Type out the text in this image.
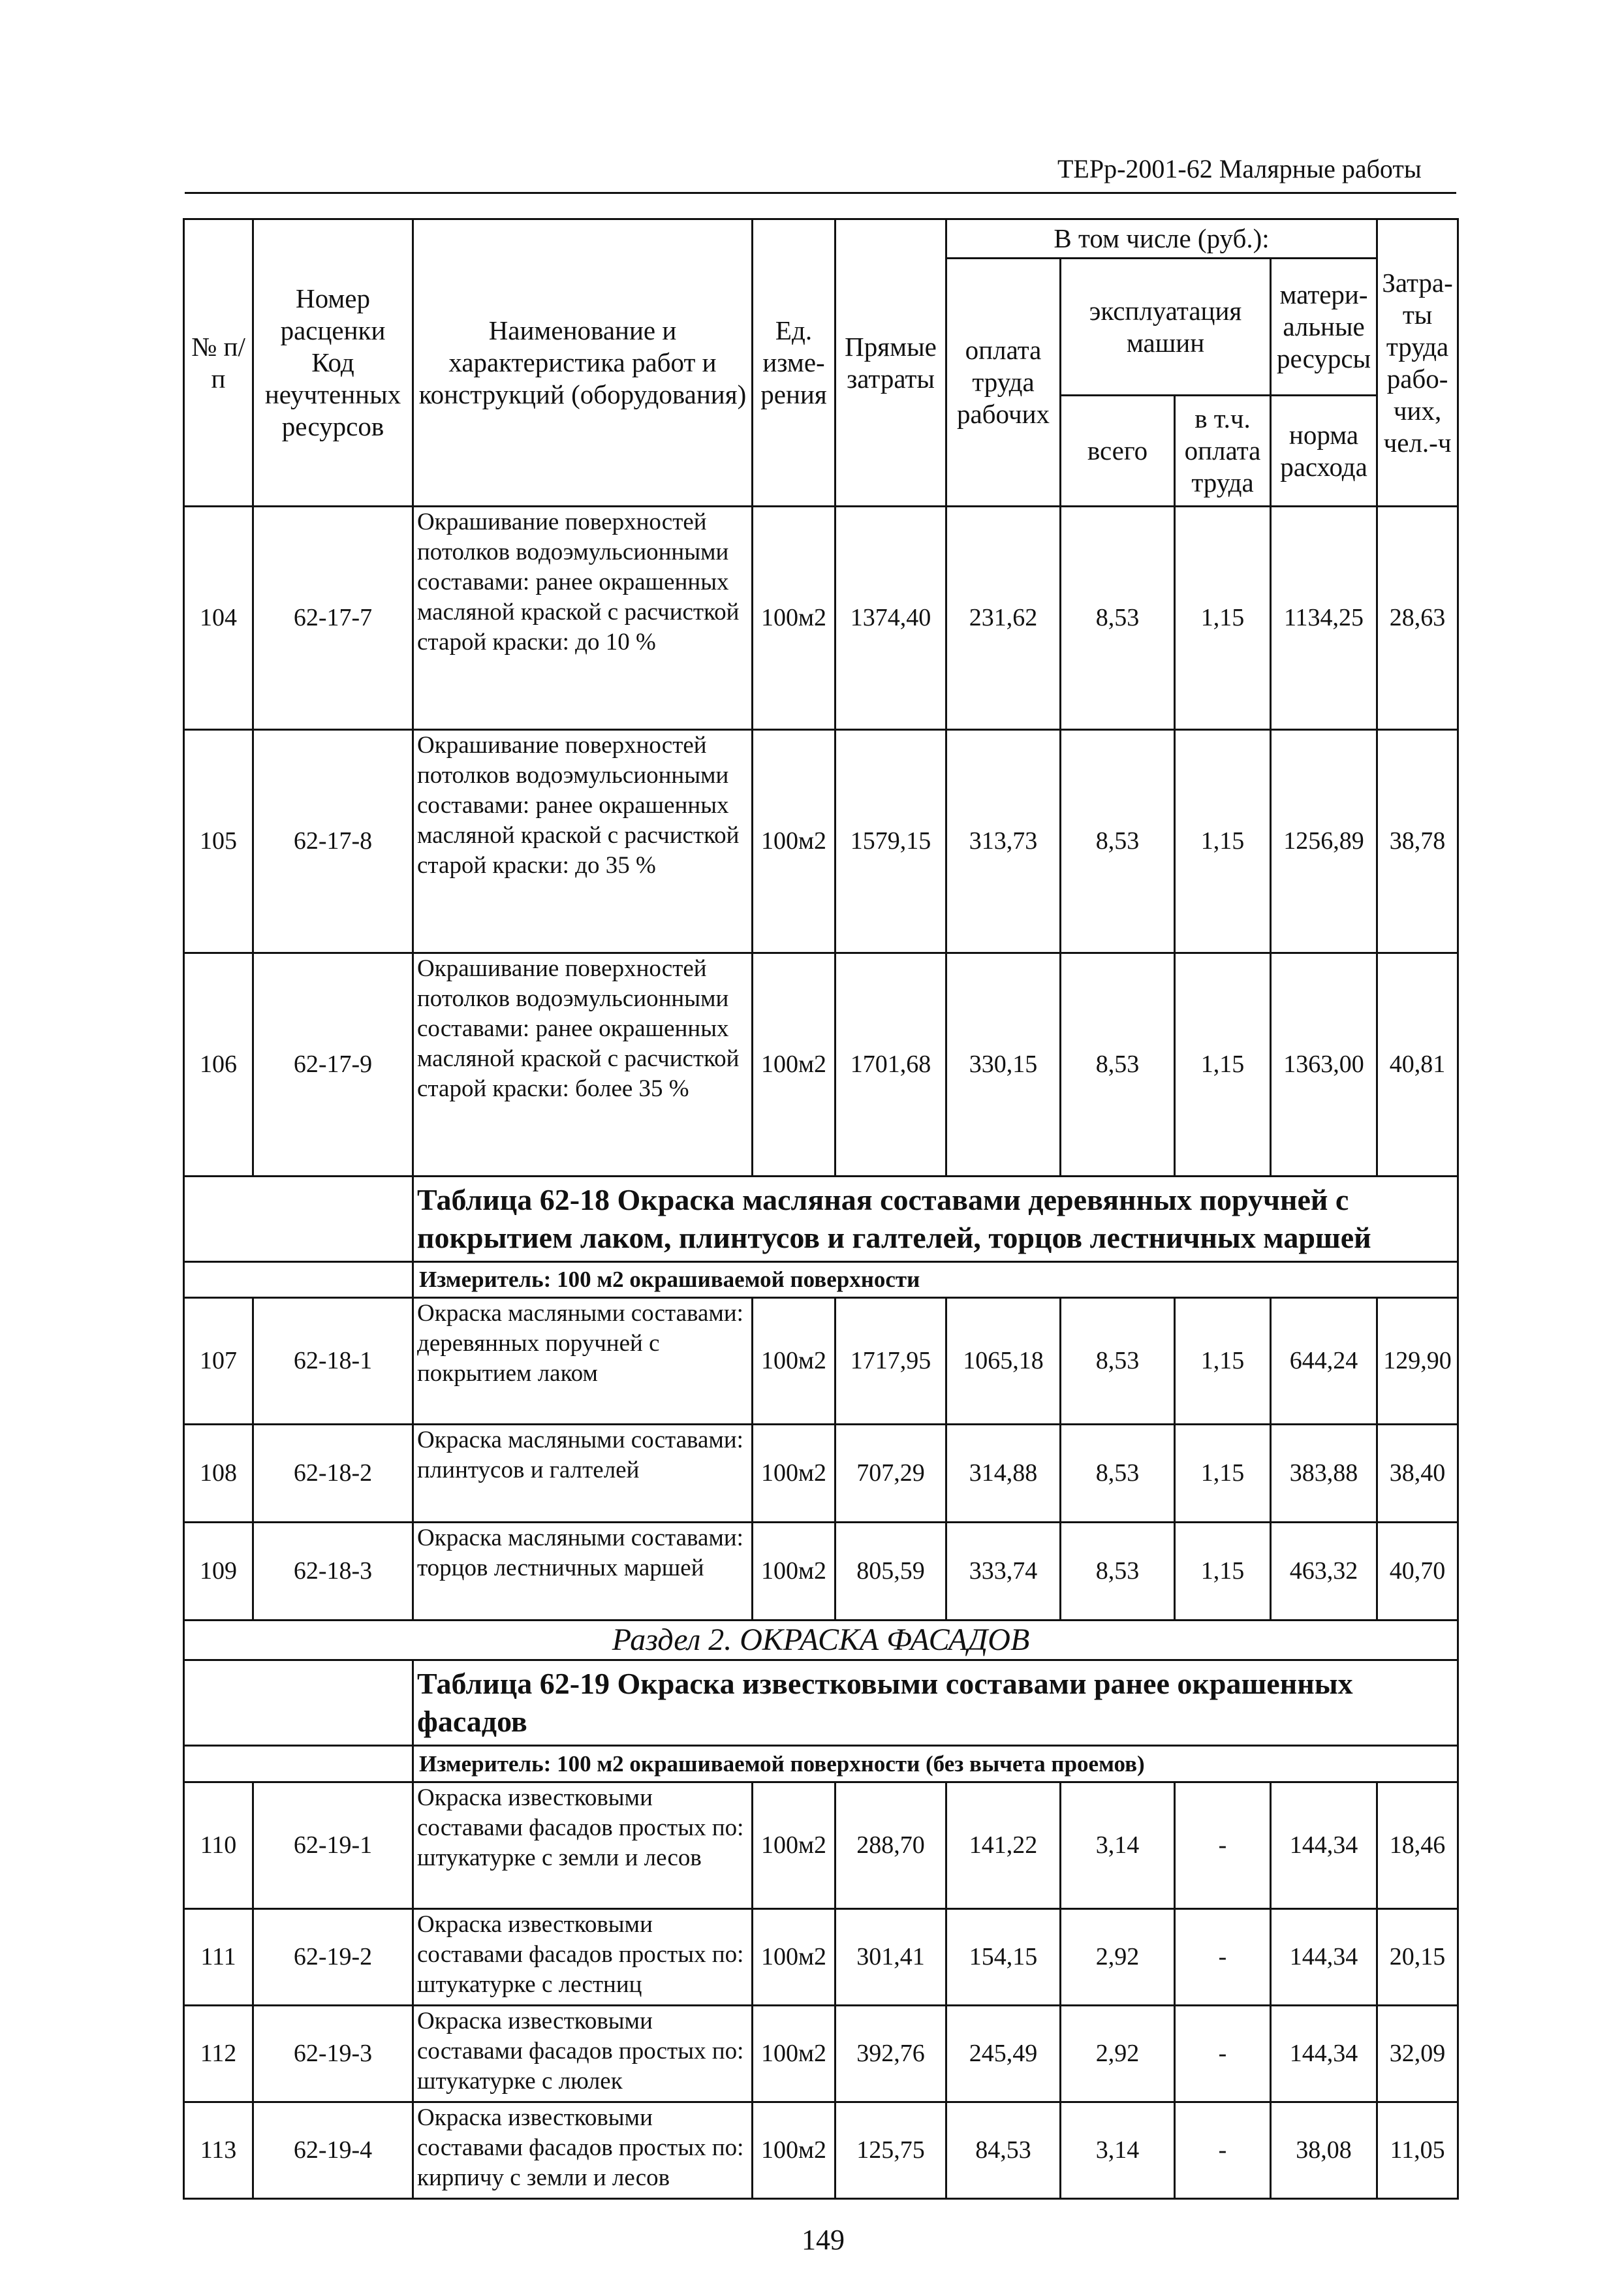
ТЕРр-2001-62 Малярные работы
№ п/п	Номер расценки Код неучтенных ресурсов	Наименование и характеристика работ и конструкций (оборудования)	Ед. изме-рения	Прямые затраты	В том числе (руб.):				Затра-ты труда рабо-чих, чел.-ч
					оплата труда рабочих	эксплуатация машин		матери-альные ресурсы	
						всего	в т.ч. оплата труда	норма расхода	
104	62-17-7	Окрашивание поверхностей потолков водоэмульсионными составами: ранее окрашенных масляной краской с расчисткой старой краски: до 10 %	100м2	1374,40	231,62	8,53	1,15	1134,25	28,63
105	62-17-8	Окрашивание поверхностей потолков водоэмульсионными составами: ранее окрашенных масляной краской с расчисткой старой краски: до 35 %	100м2	1579,15	313,73	8,53	1,15	1256,89	38,78
106	62-17-9	Окрашивание поверхностей потолков водоэмульсионными составами: ранее окрашенных масляной краской с расчисткой старой краски: более 35 %	100м2	1701,68	330,15	8,53	1,15	1363,00	40,81
		Таблица 62-18 Окраска масляная составами деревянных поручней с покрытием лаком, плинтусов и галтелей, торцов лестничных маршей							
		Измеритель: 100 м2 окрашиваемой поверхности							
107	62-18-1	Окраска масляными составами: деревянных поручней с покрытием лаком	100м2	1717,95	1065,18	8,53	1,15	644,24	129,90
108	62-18-2	Окраска масляными составами: плинтусов и галтелей	100м2	707,29	314,88	8,53	1,15	383,88	38,40
109	62-18-3	Окраска масляными составами: торцов лестничных маршей	100м2	805,59	333,74	8,53	1,15	463,32	40,70
Раздел 2. ОКРАСКА ФАСАДОВ									
		Таблица 62-19 Окраска известковыми составами ранее окрашенных фасадов							
		Измеритель: 100 м2 окрашиваемой поверхности (без вычета проемов)							
110	62-19-1	Окраска известковыми составами фасадов простых по: штукатурке с земли и лесов	100м2	288,70	141,22	3,14	-	144,34	18,46
111	62-19-2	Окраска известковыми составами фасадов простых по: штукатурке с лестниц	100м2	301,41	154,15	2,92	-	144,34	20,15
112	62-19-3	Окраска известковыми составами фасадов простых по: штукатурке с люлек	100м2	392,76	245,49	2,92	-	144,34	32,09
113	62-19-4	Окраска известковыми составами фасадов простых по: кирпичу с земли и лесов	100м2	125,75	84,53	3,14	-	38,08	11,05
149
